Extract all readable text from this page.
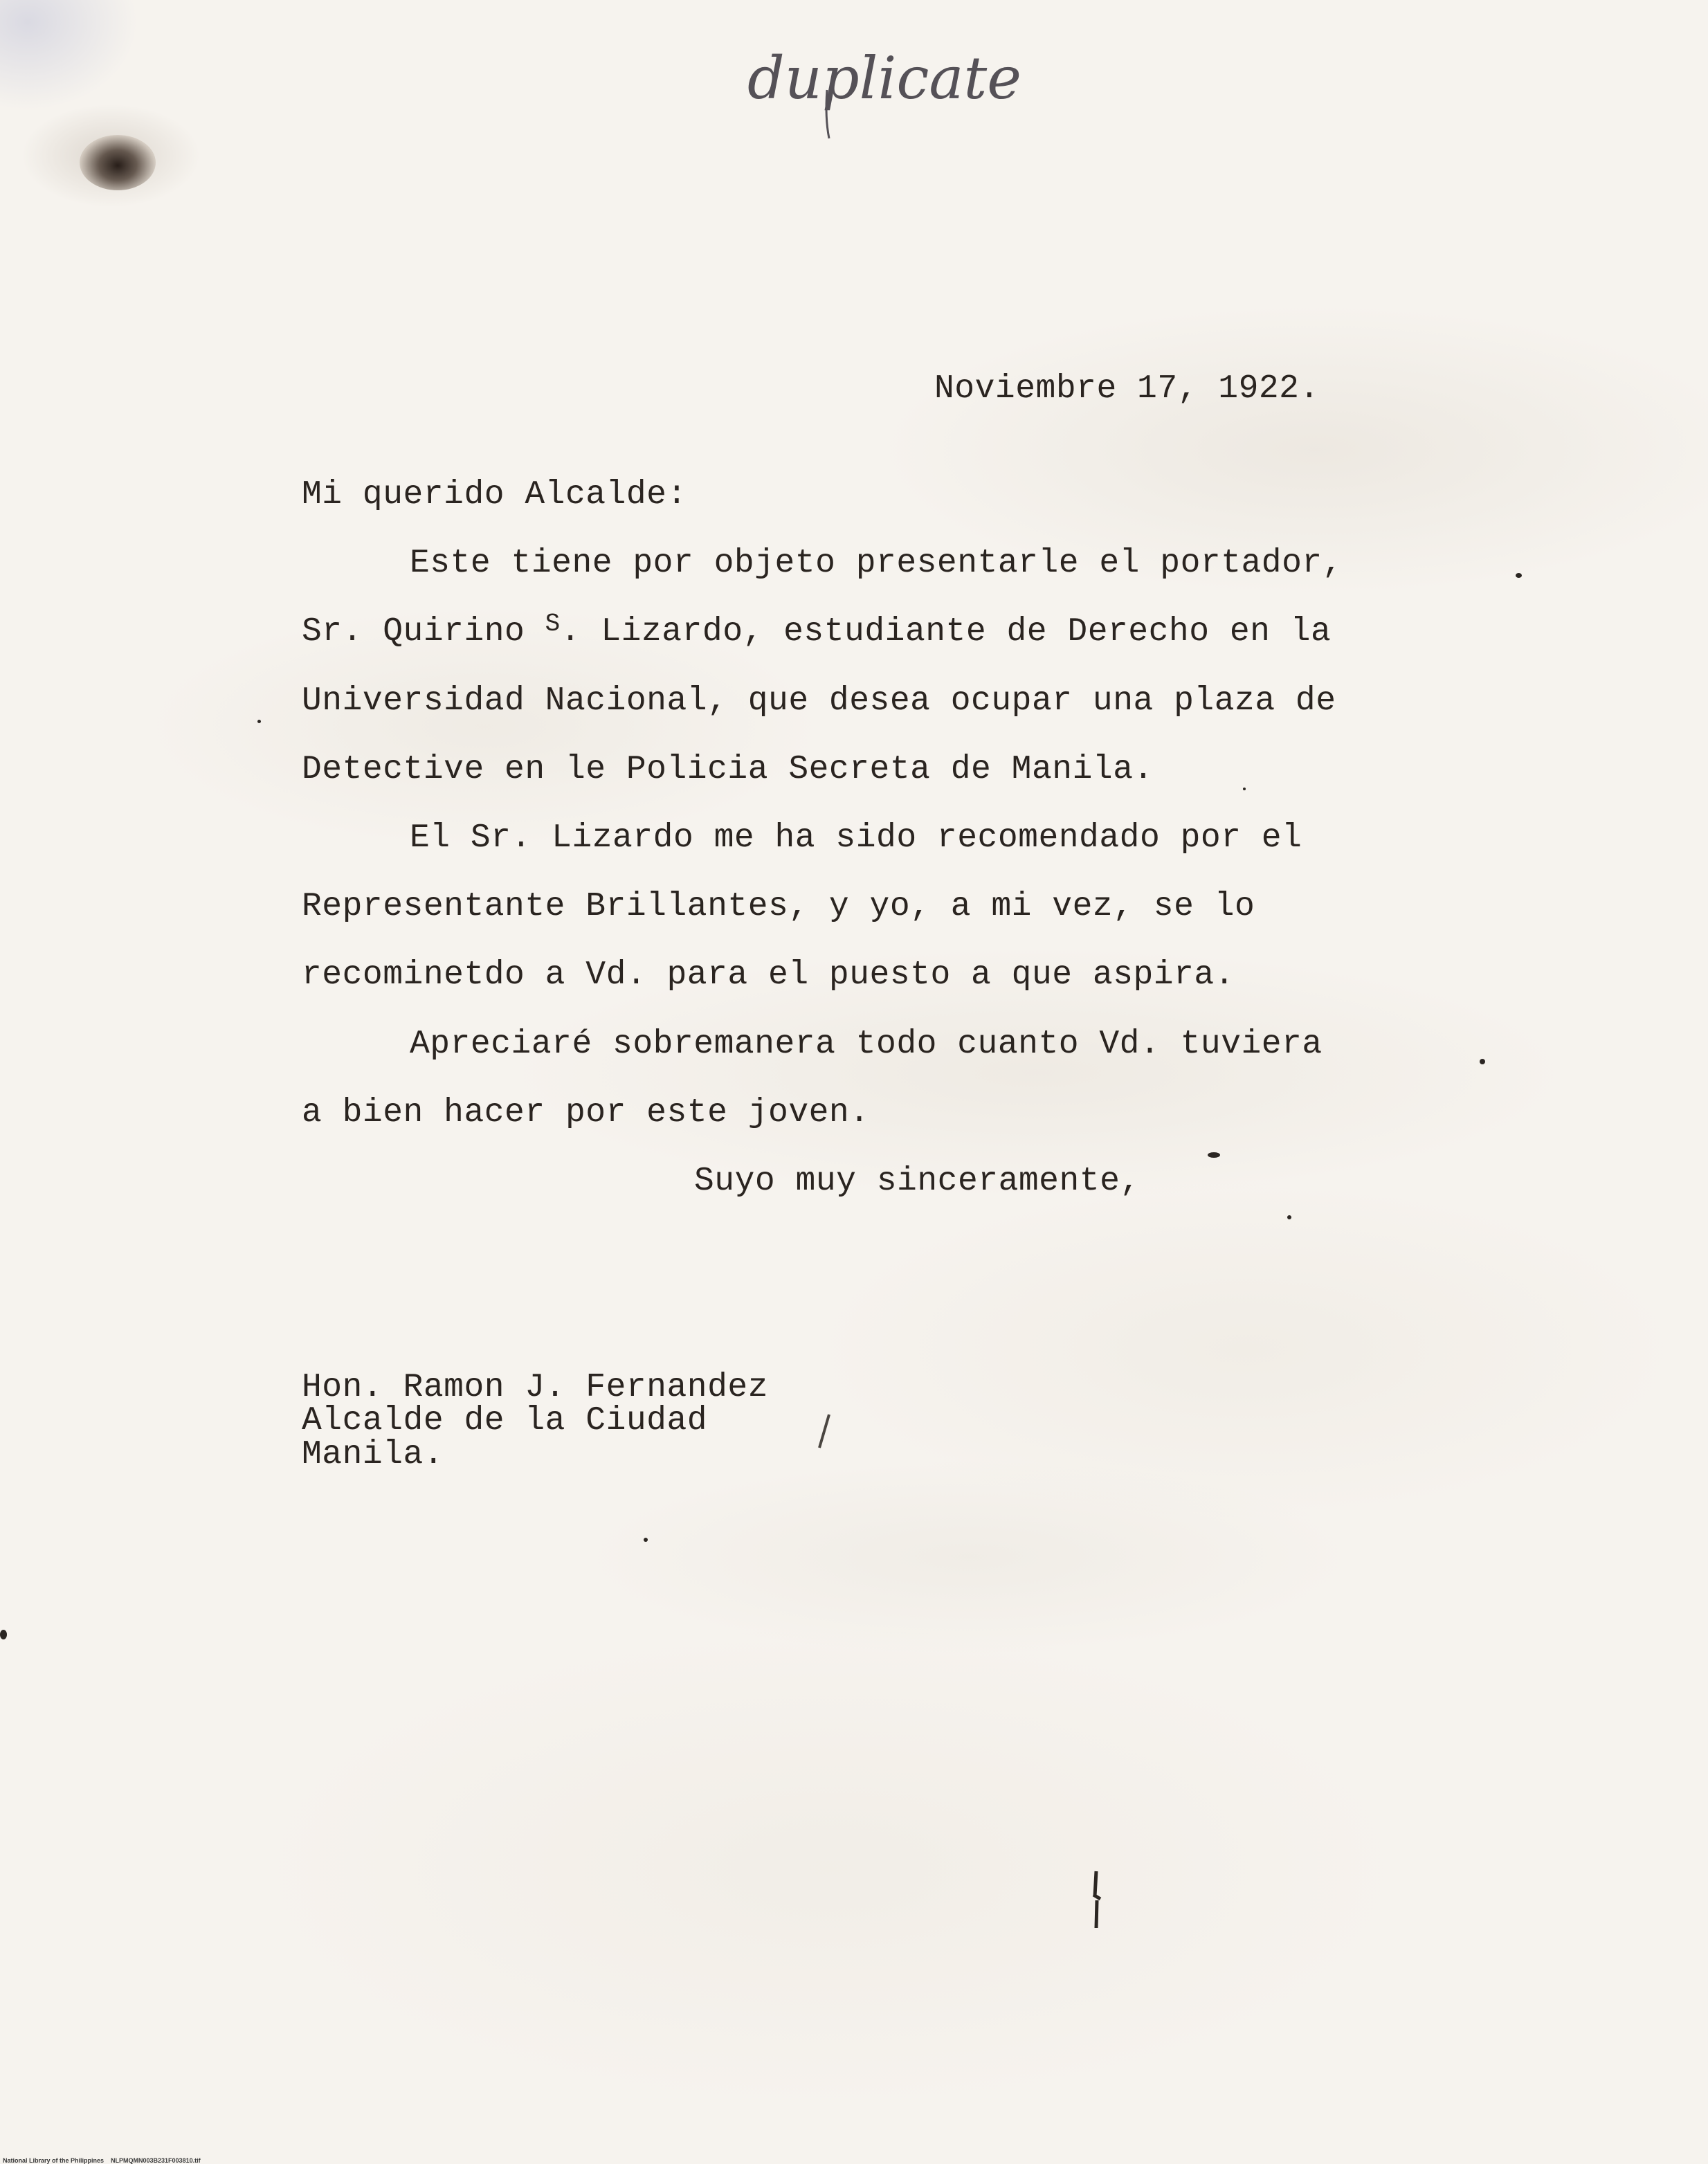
duplicate

Noviembre 17, 1922.

Mi querido Alcalde:

Este tiene por objeto presentarle el portador,

Sr. Quirino $^S$. Lizardo, estudiante de Derecho en la

Universidad Nacional, que desea ocupar una plaza de

Detective en le Policia Secreta de Manila.

El Sr. Lizardo me ha sido recomendado por el

Representante Brillantes, y yo, a mi vez, se lo

recominetdo a Vd. para el puesto a que aspira.

Apreciaré sobremanera todo cuanto Vd. tuviera

a bien hacer por este joven.

Suyo muy sinceramente,

Hon. Ramon J. Fernandez

Alcalde de la Ciudad

Manila.

National Library of the Philippines    NLPMQMN003B231F003810.tif
